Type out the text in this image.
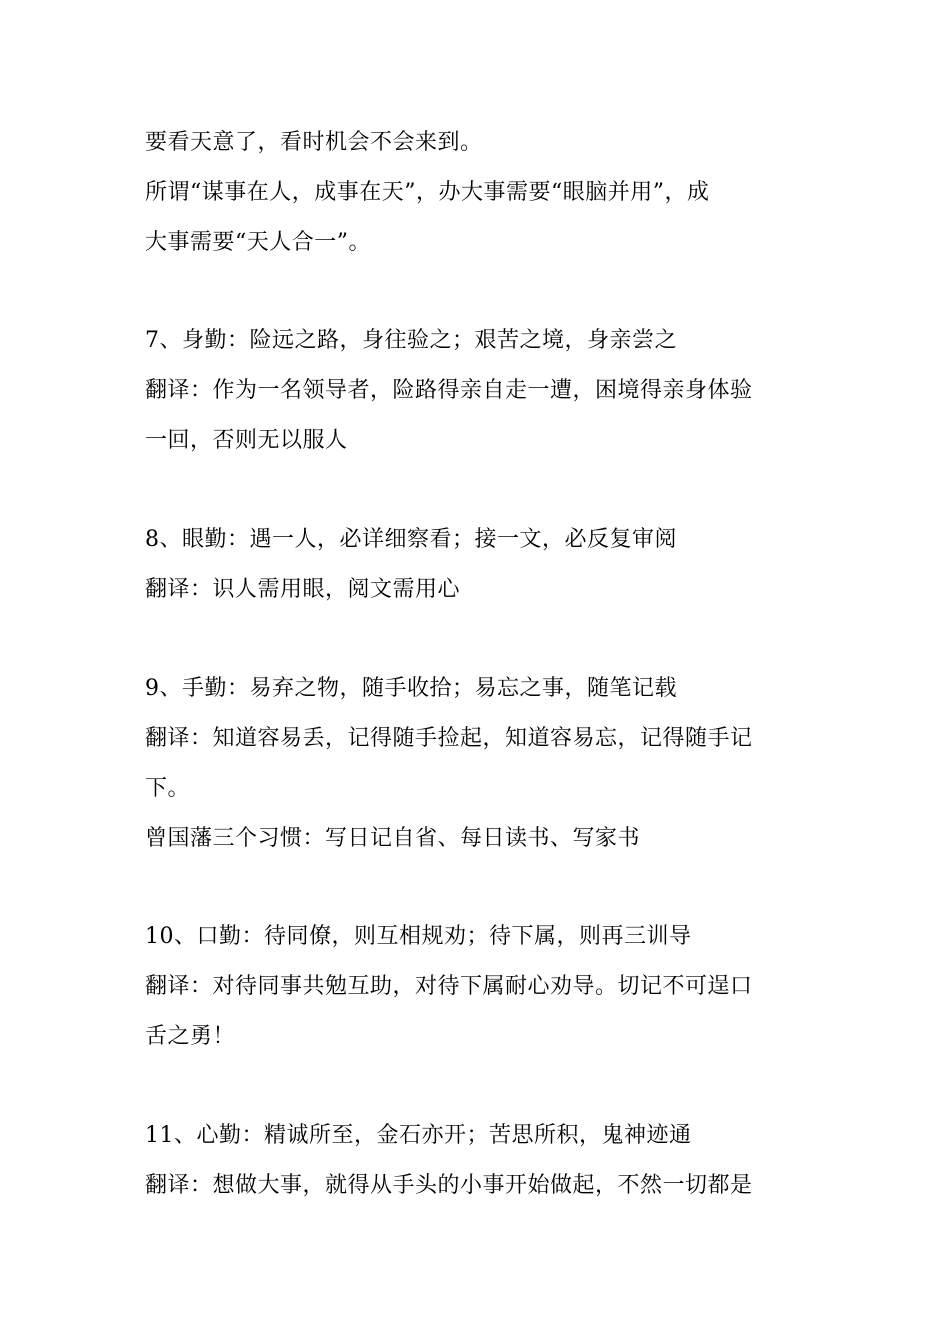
要看天意了，看时机会不会来到。
所谓“谋事在人，成事在天”，办大事需要“眼脑并用”，成
大事需要“天人合一”。
7、身勤：险远之路，身往验之；艰苦之境，身亲尝之
翻译：作为一名领导者，险路得亲自走一遭，困境得亲身体验
一回，否则无以服人
8、眼勤：遇一人，必详细察看；接一文，必反复审阅
翻译：识人需用眼，阅文需用心
9、手勤：易弃之物，随手收拾；易忘之事，随笔记载
翻译：知道容易丢，记得随手捡起，知道容易忘，记得随手记
下。
曾国藩三个习惯：写日记自省、每日读书、写家书
10、口勤：待同僚，则互相规劝；待下属，则再三训导
翻译：对待同事共勉互助，对待下属耐心劝导。切记不可逞口
舌之勇！
11、心勤：精诚所至，金石亦开；苦思所积，鬼神迹通
翻译：想做大事，就得从手头的小事开始做起，不然一切都是
